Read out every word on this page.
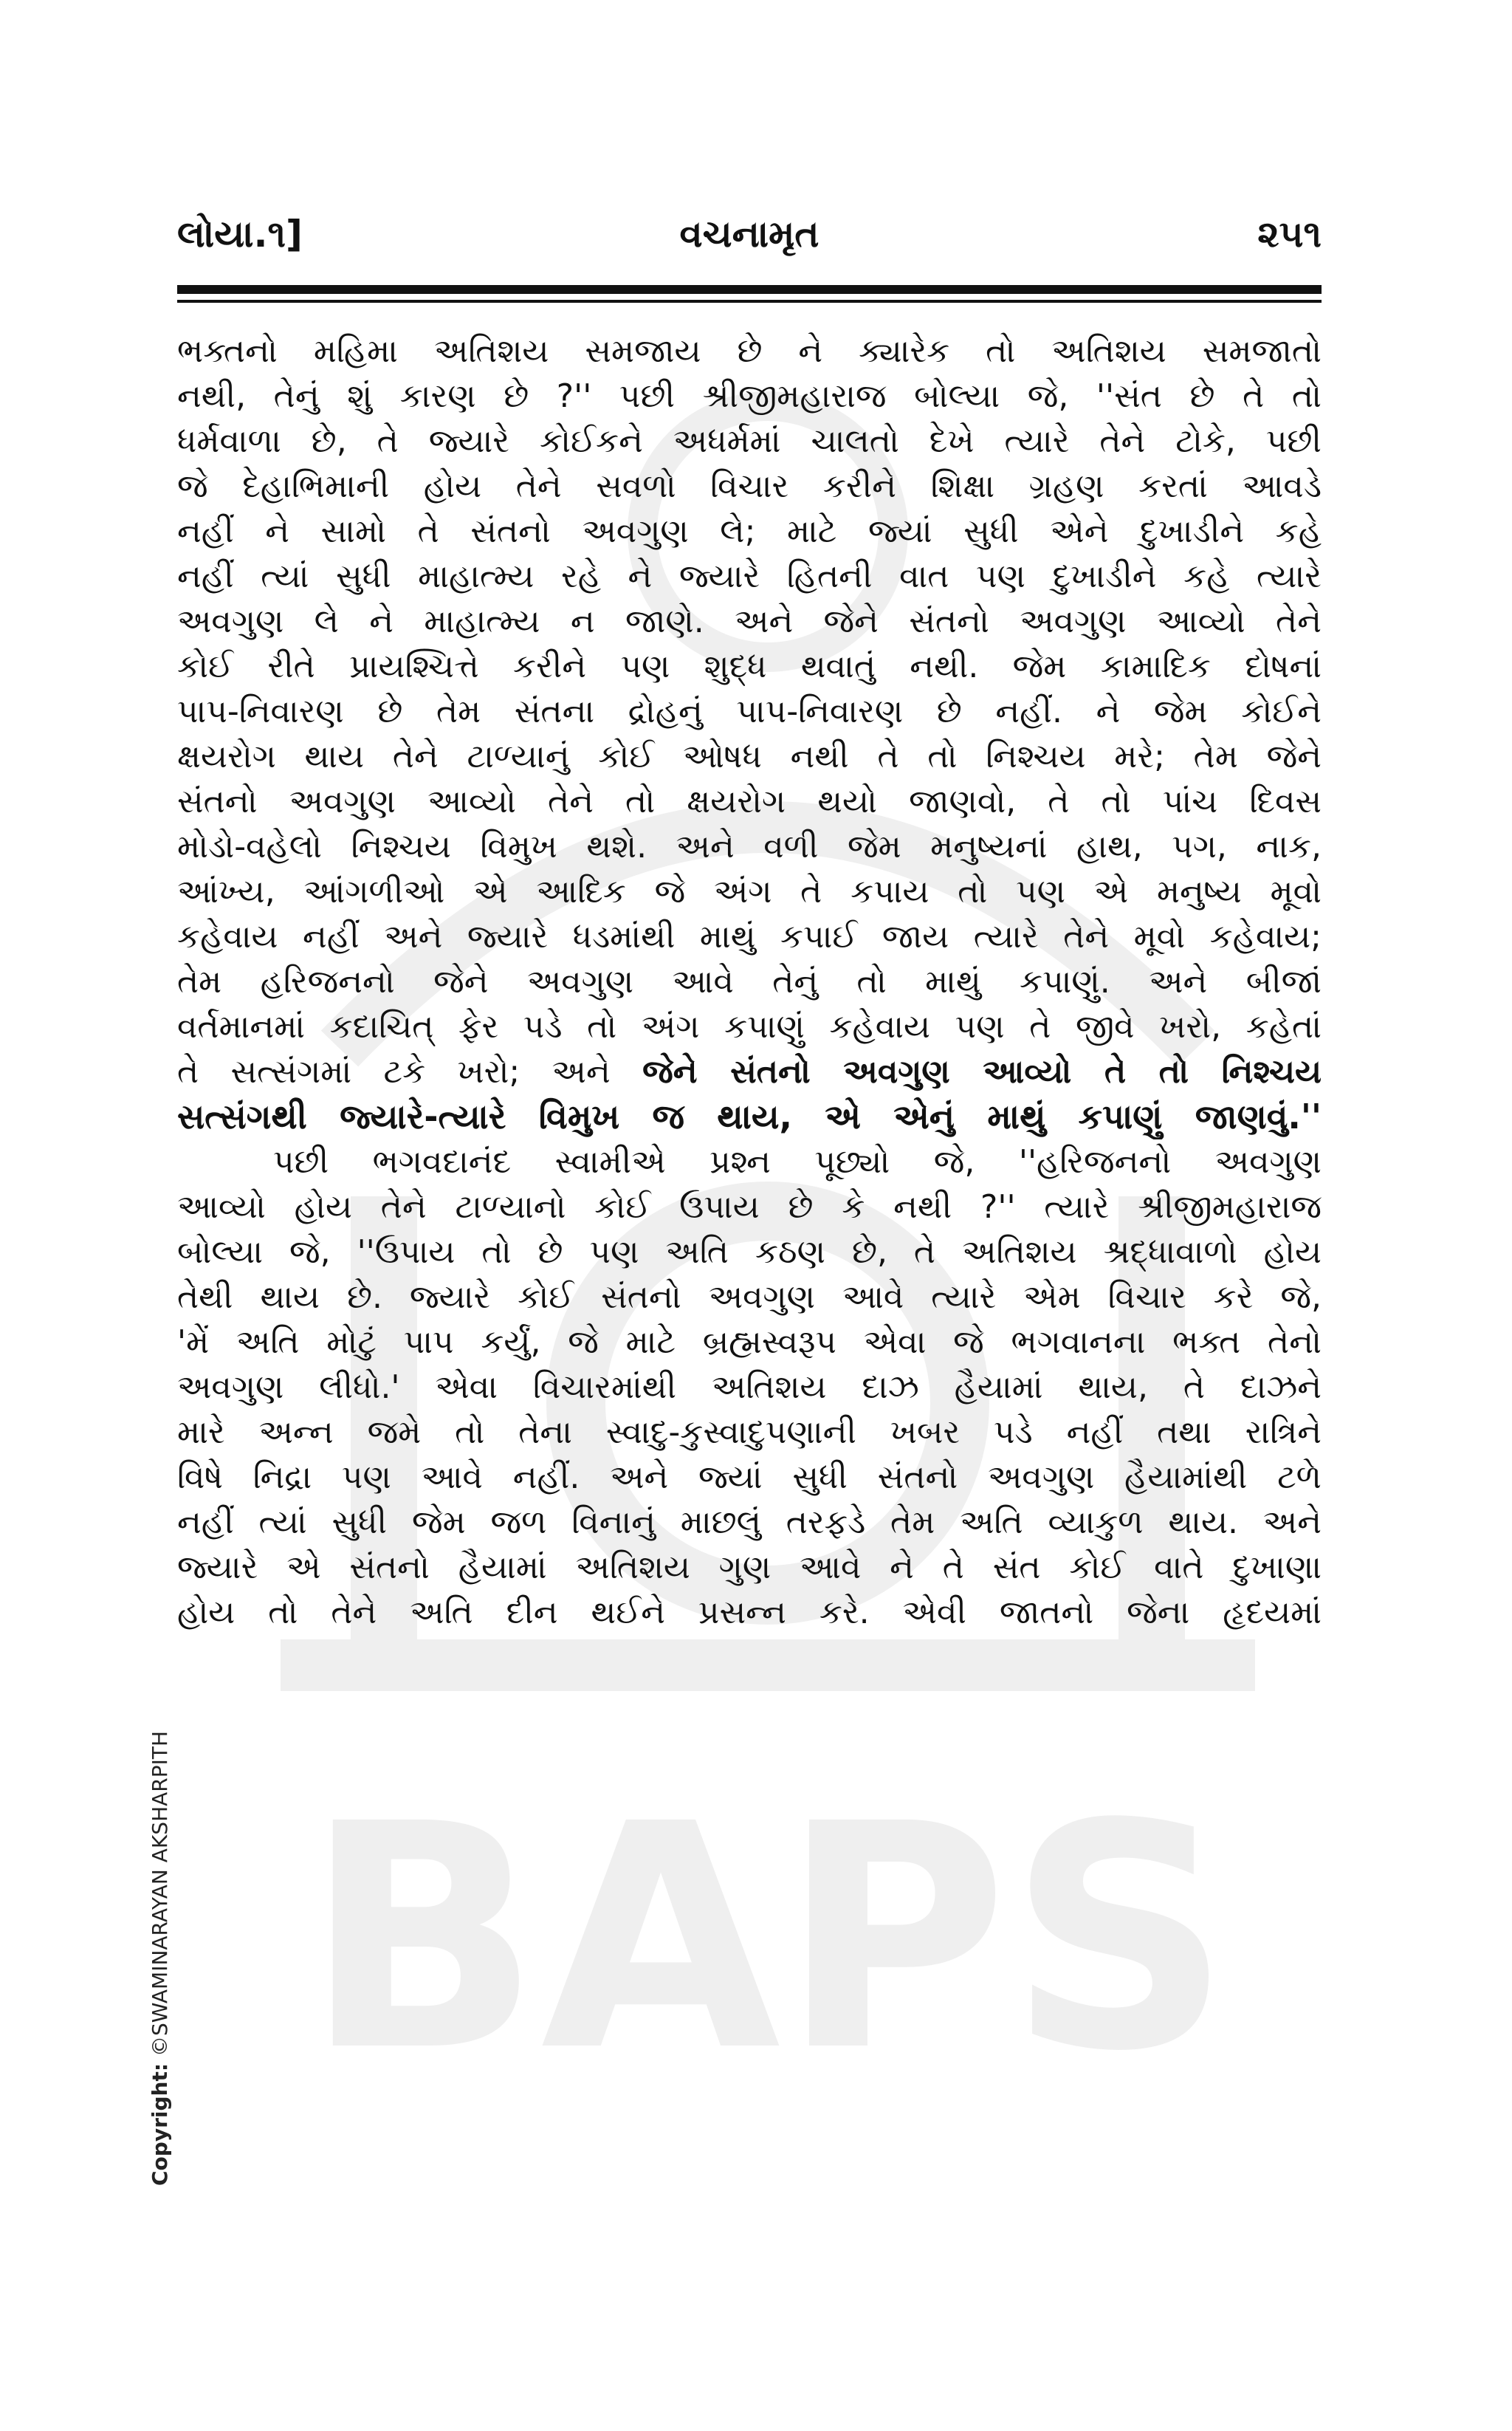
BAPS
લોયા.૧]	વચનામૃત	૨૫૧
ભક્તનો મહિમા અતિશય સમજાય છે ને ક્યારેક તો અતિશય સમજાતો
નથી, તેનું શું કારણ છે ?'' પછી શ્રીજીમહારાજ બોલ્યા જે, ''સંત છે તે તો
ધર્મવાળા છે, તે જ્યારે કોઈકને અધર્મમાં ચાલતો દેખે ત્યારે તેને ટોકે, પછી
જે દેહાભિમાની હોય તેને સવળો વિચાર કરીને શિક્ષા ગ્રહણ કરતાં આવડે
નહીં ને સામો તે સંતનો અવગુણ લે; માટે જ્યાં સુધી એને દુખાડીને કહે
નહીં ત્યાં સુધી માહાત્મ્ય રહે ને જ્યારે હિતની વાત પણ દુખાડીને કહે ત્યારે
અવગુણ લે ને માહાત્મ્ય ન જાણે. અને જેને સંતનો અવગુણ આવ્યો તેને
કોઈ રીતે પ્રાયશ્ચિત્તે કરીને પણ શુદ્ધ થવાતું નથી. જેમ કામાદિક દોષનાં
પાપ-નિવારણ છે તેમ સંતના દ્રોહનું પાપ-નિવારણ છે નહીં. ને જેમ કોઈને
ક્ષયરોગ થાય તેને ટાળ્યાનું કોઈ ઓષધ નથી તે તો નિશ્ચય મરે; તેમ જેને
સંતનો અવગુણ આવ્યો તેને તો ક્ષયરોગ થયો જાણવો, તે તો પાંચ દિવસ
મોડો-વહેલો નિશ્ચય વિમુખ થશે. અને વળી જેમ મનુષ્યનાં હાથ, પગ, નાક,
આંખ્ય, આંગળીઓ એ આદિક જે અંગ તે કપાય તો પણ એ મનુષ્ય મૂવો
કહેવાય નહીં અને જ્યારે ધડમાંથી માથું કપાઈ જાય ત્યારે તેને મૂવો કહેવાય;
તેમ હરિજનનો જેને અવગુણ આવે તેનું તો માથું કપાણું. અને બીજાં
વર્તમાનમાં કદાચિત્ ફેર પડે તો અંગ કપાણું કહેવાય પણ તે જીવે ખરો, કહેતાં
તે સત્સંગમાં ટકે ખરો; અને જેને સંતનો અવગુણ આવ્યો તે તો નિશ્ચય
સત્સંગથી જ્યારે-ત્યારે વિમુખ જ થાય, એ એનું માથું કપાણું જાણવું.''
પછી ભગવદાનંદ સ્વામીએ પ્રશ્ન પૂછ્યો જે, ''હરિજનનો અવગુણ
આવ્યો હોય તેને ટાળ્યાનો કોઈ ઉપાય છે કે નથી ?'' ત્યારે શ્રીજીમહારાજ
બોલ્યા જે, ''ઉપાય તો છે પણ અતિ કઠણ છે, તે અતિશય શ્રદ્ધાવાળો હોય
તેથી થાય છે. જ્યારે કોઈ સંતનો અવગુણ આવે ત્યારે એમ વિચાર કરે જે,
'મેં અતિ મોટું પાપ કર્યું, જે માટે બ્રહ્મસ્વરૂપ એવા જે ભગવાનના ભક્ત તેનો
અવગુણ લીધો.' એવા વિચારમાંથી અતિશય દાઝ હૈયામાં થાય, તે દાઝને
મારે અન્ન જમે તો તેના સ્વાદુ-કુસ્વાદુપણાની ખબર પડે નહીં તથા રાત્રિને
વિષે નિદ્રા પણ આવે નહીં. અને જ્યાં સુધી સંતનો અવગુણ હૈયામાંથી ટળે
નહીં ત્યાં સુધી જેમ જળ વિનાનું માછલું તરફડે તેમ અતિ વ્યાકુળ થાય. અને
જ્યારે એ સંતનો હૈયામાં અતિશય ગુણ આવે ને તે સંત કોઈ વાતે દુખાણા
હોય તો તેને અતિ દીન થઈને પ્રસન્ન કરે. એવી જાતનો જેના હૃદયમાં
Copyright: ©SWAMINARAYAN AKSHARPITH
